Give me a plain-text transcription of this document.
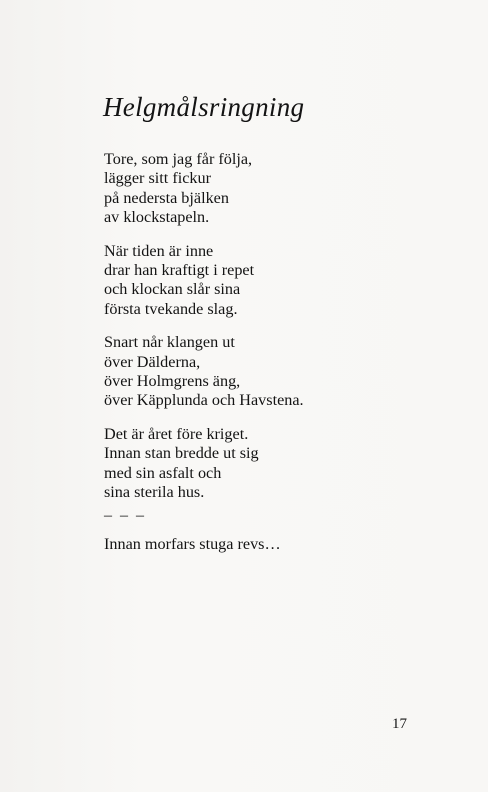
Helgmålsringning
Tore, som jag får följa,
lägger sitt fickur
på nedersta bjälken
av klockstapeln.
När tiden är inne
drar han kraftigt i repet
och klockan slår sina
första tvekande slag.
Snart når klangen ut
över Dälderna,
över Holmgrens äng,
över Käpplunda och Havstena.
Det är året före kriget.
Innan stan bredde ut sig
med sin asfalt och
sina sterila hus.
– – –
Innan morfars stuga revs…
17
